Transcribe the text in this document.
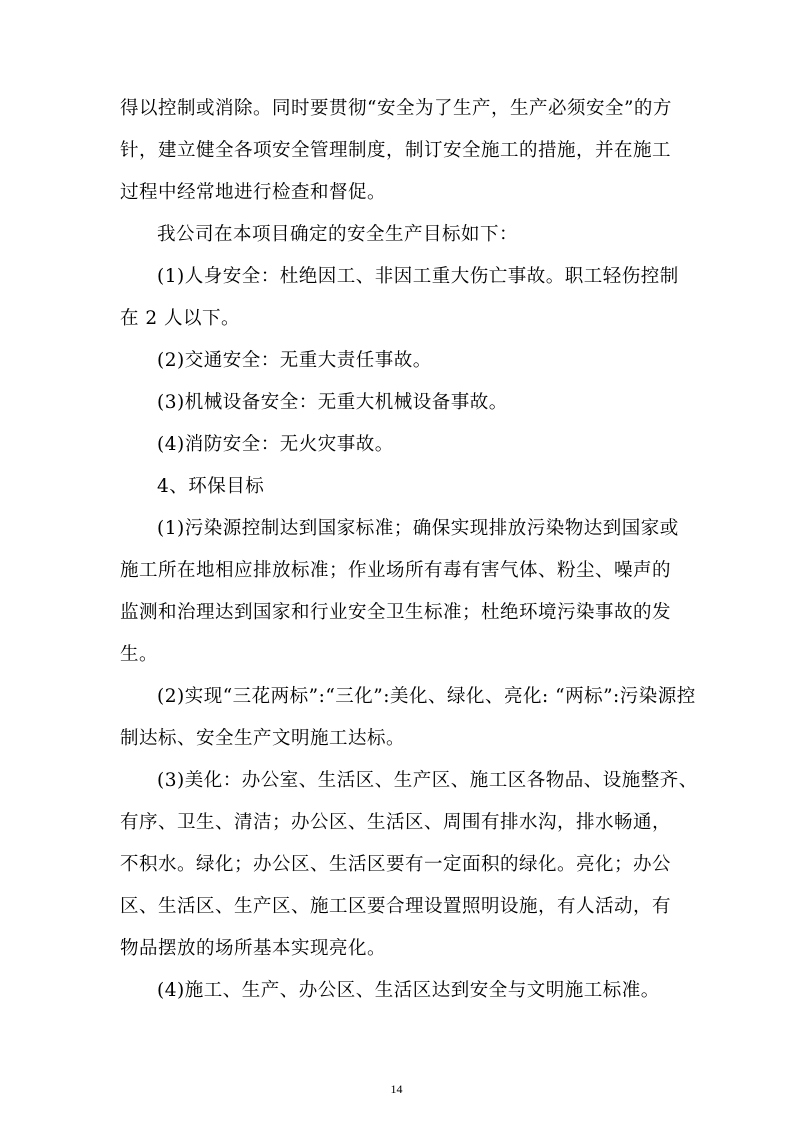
得以控制或消除。同时要贯彻“安全为了生产，生产必须安全”的方
针，建立健全各项安全管理制度，制订安全施工的措施，并在施工
过程中经常地进行检查和督促。
我公司在本项目确定的安全生产目标如下：
(1)人身安全：杜绝因工、非因工重大伤亡事故。职工轻伤控制
在 2 人以下。
(2)交通安全：无重大责任事故。
(3)机械设备安全：无重大机械设备事故。
(4)消防安全：无火灾事故。
4、环保目标
(1)污染源控制达到国家标准；确保实现排放污染物达到国家或
施工所在地相应排放标准；作业场所有毒有害气体、粉尘、噪声的
监测和治理达到国家和行业安全卫生标准；杜绝环境污染事故的发
生。
(2)实现“三花两标”:“三化”:美化、绿化、亮化: “两标”:污染源控
制达标、安全生产文明施工达标。
(3)美化：办公室、生活区、生产区、施工区各物品、设施整齐、
有序、卫生、清洁；办公区、生活区、周围有排水沟，排水畅通，
不积水。绿化；办公区、生活区要有一定面积的绿化。亮化；办公
区、生活区、生产区、施工区要合理设置照明设施，有人活动，有
物品摆放的场所基本实现亮化。
(4)施工、生产、办公区、生活区达到安全与文明施工标准。
14
